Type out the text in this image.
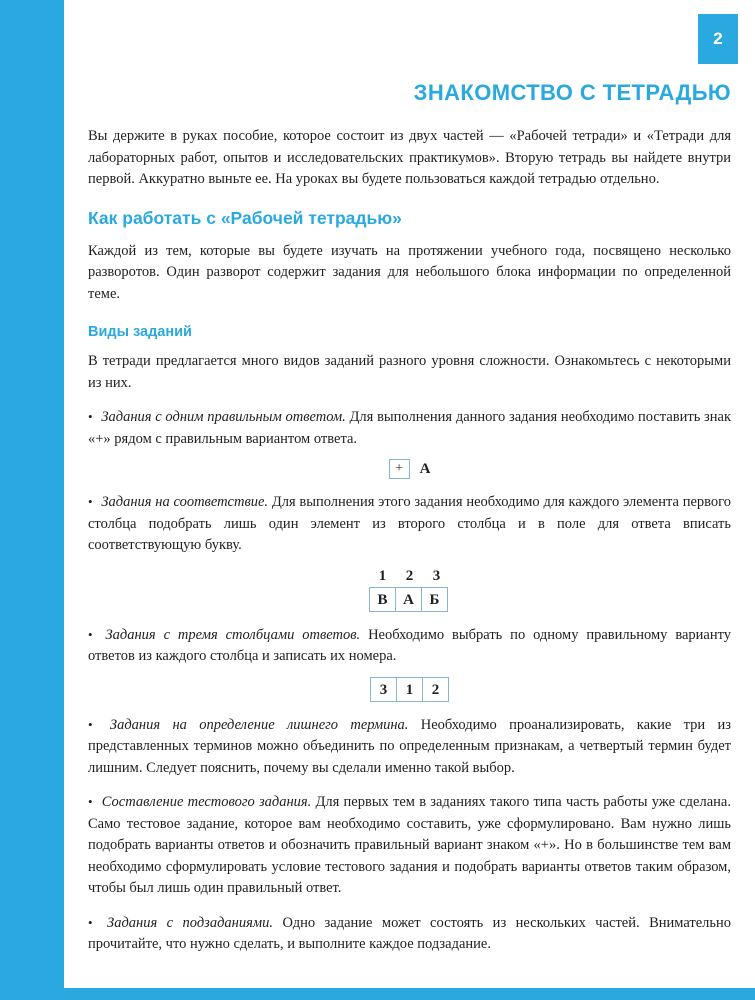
2
ЗНАКОМСТВО С ТЕТРАДЬЮ

Вы держите в руках пособие, которое состоит из двух частей — «Рабочей тетради» и «Тетради для лабораторных работ, опытов и исследовательских практикумов». Вторую тетрадь вы найдете внутри первой. Аккуратно выньте ее. На уроках вы будете пользоваться каждой тетрадью отдельно.

Как работать с «Рабочей тетрадью»

Каждой из тем, которые вы будете изучать на протяжении учебного года, посвящено несколько разворотов. Один разворот содержит задания для небольшого блока информации по определенной теме.

Виды заданий

В тетради предлагается много видов заданий разного уровня сложности. Ознакомьтесь с некоторыми из них.

• Задания с одним правильным ответом. Для выполнения данного задания необходимо поставить знак «+» рядом с правильным вариантом ответа.

+	А

• Задания на соответствие. Для выполнения этого задания необходимо для каждого элемента первого столбца подобрать лишь один элемент из второго столбца и в поле для ответа вписать соответствующую букву.

1	2	3
В	А	Б

• Задания с тремя столбцами ответов. Необходимо выбрать по одному правильному варианту ответов из каждого столбца и записать их номера.

3	1	2

• Задания на определение лишнего термина. Необходимо проанализировать, какие три из представленных терминов можно объединить по определенным признакам, а четвертый термин будет лишним. Следует пояснить, почему вы сделали именно такой выбор.

• Составление тестового задания. Для первых тем в заданиях такого типа часть работы уже сделана. Само тестовое задание, которое вам необходимо составить, уже сформулировано. Вам нужно лишь подобрать варианты ответов и обозначить правильный вариант знаком «+». Но в большинстве тем вам необходимо сформулировать условие тестового задания и подобрать варианты ответов таким образом, чтобы был лишь один правильный ответ.

• Задания с подзаданиями. Одно задание может состоять из нескольких частей. Внимательно прочитайте, что нужно сделать, и выполните каждое подзадание.
